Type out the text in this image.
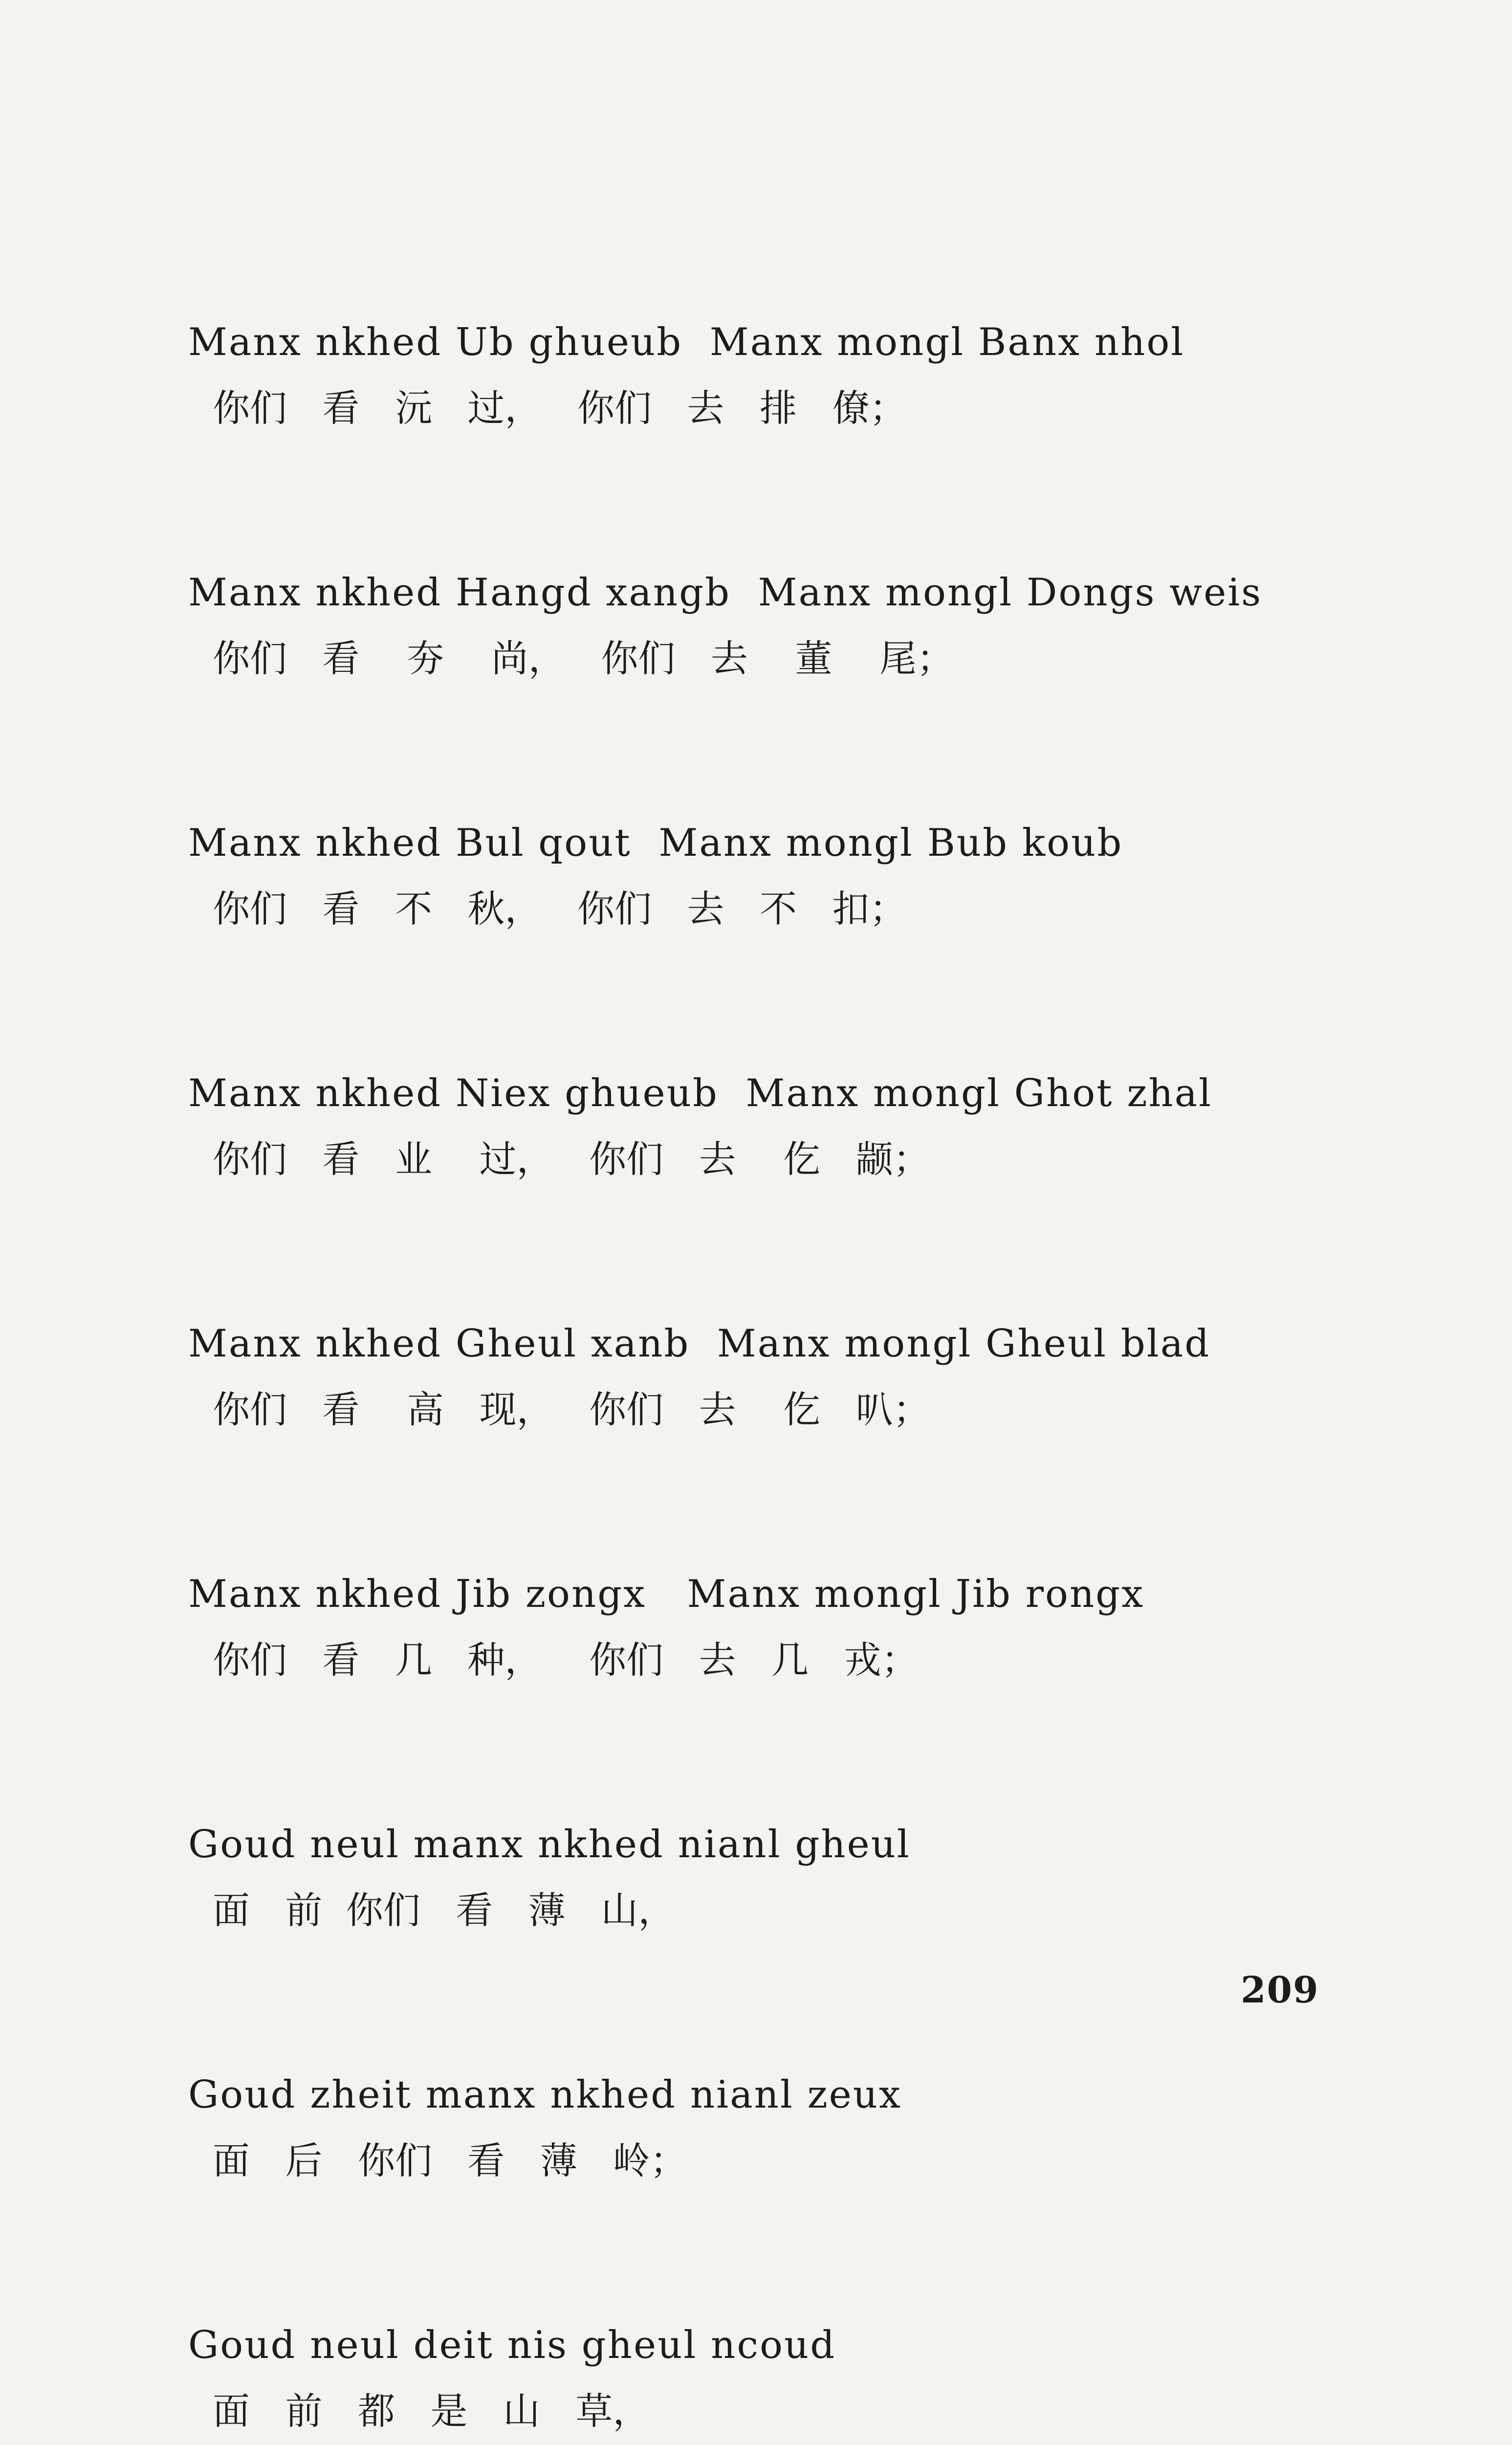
Manx nkhed Ub ghueub  Manx mongl Banx nhol
你们   看   沅   过，   你们   去   排   僚；
Manx nkhed Hangd xangb  Manx mongl Dongs weis
你们   看    夯    尚，   你们   去    董    尾；
Manx nkhed Bul qout  Manx mongl Bub koub
你们   看   不   秋，   你们   去   不   扣；
Manx nkhed Niex ghueub  Manx mongl Ghot zhal
你们   看   业    过，   你们   去    仡   颛；
Manx nkhed Gheul xanb  Manx mongl Gheul blad
你们   看    高   现，   你们   去    仡   叭；
Manx nkhed Jib zongx   Manx mongl Jib rongx
你们   看   几   种，    你们   去   几   戎；
Goud neul manx nkhed nianl gheul
面   前  你们   看   薄   山，
Goud zheit manx nkhed nianl zeux
面   后   你们   看   薄   岭；
Goud neul deit nis gheul ncoud
面   前   都   是   山   草，
209
